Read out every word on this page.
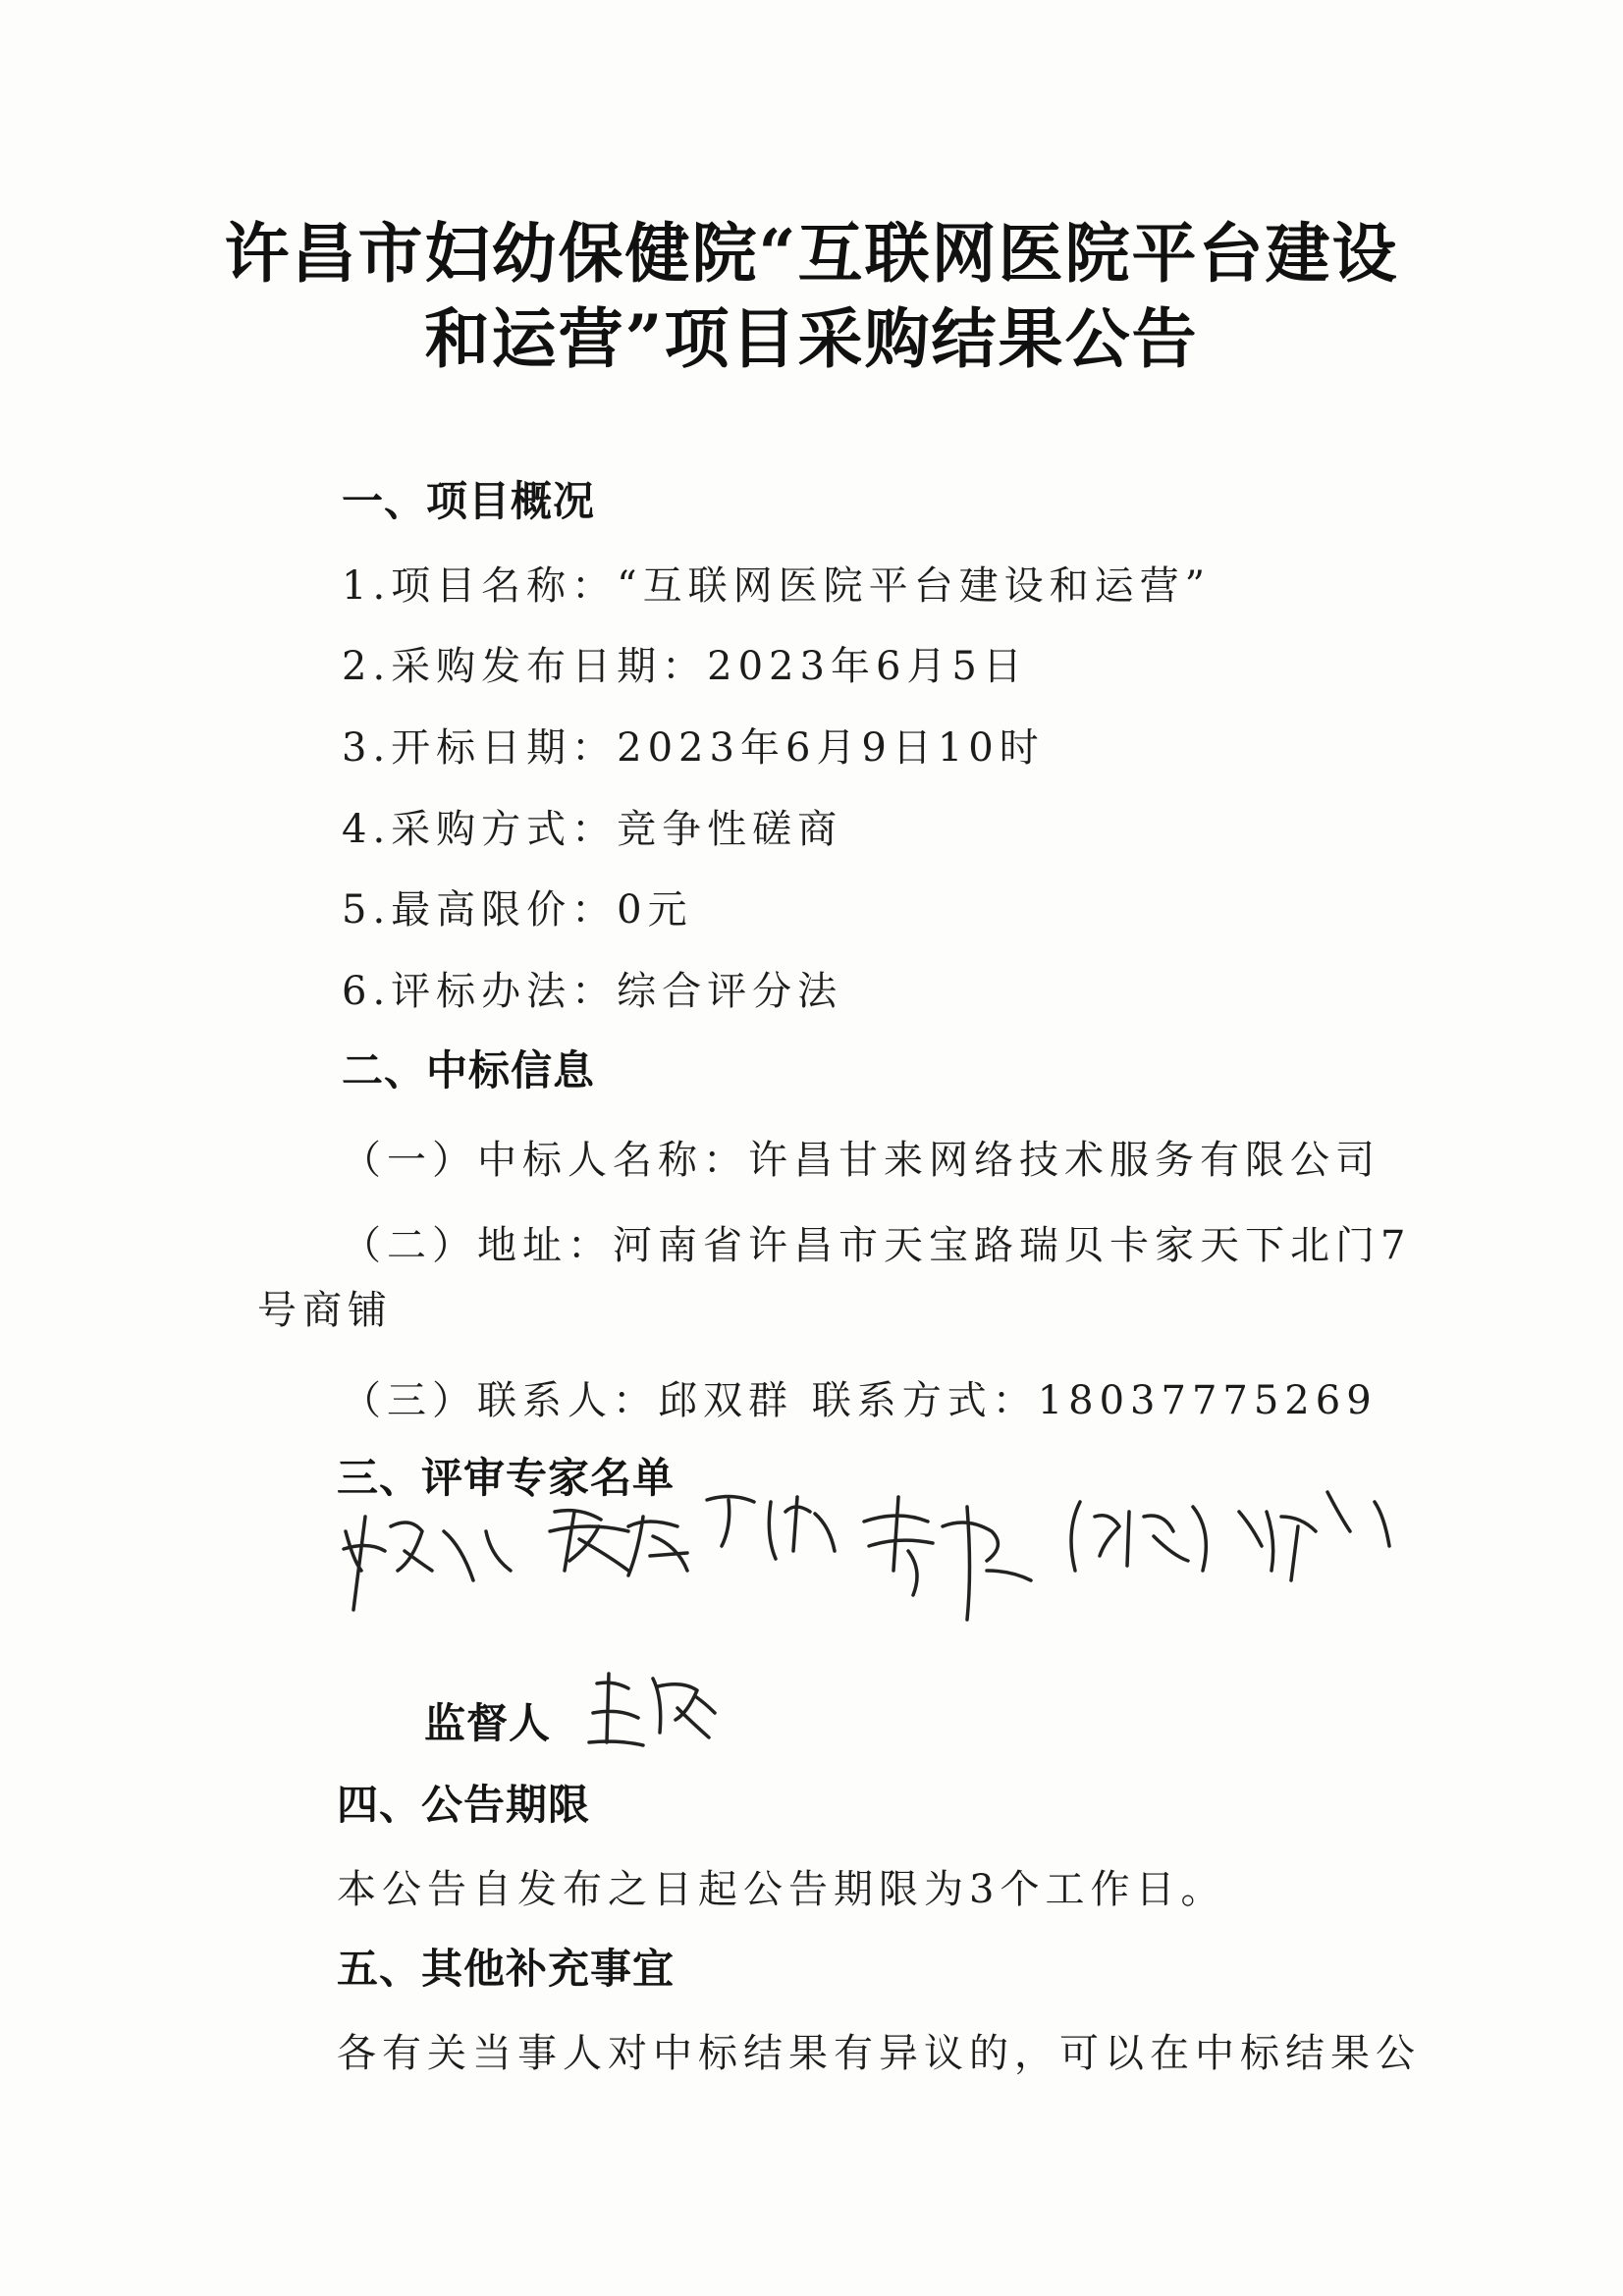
许昌市妇幼保健院“互联网医院平台建设
和运营”项目采购结果公告
一、项目概况
1.项目名称：“互联网医院平台建设和运营”
2.采购发布日期：2023年6月5日
3.开标日期：2023年6月9日10时
4.采购方式：竞争性磋商
5.最高限价：0元
6.评标办法：综合评分法
二、中标信息
（一）中标人名称：许昌甘来网络技术服务有限公司
（二）地址：河南省许昌市天宝路瑞贝卡家天下北门7
号商铺
（三）联系人：邱双群 联系方式：18037775269
三、评审专家名单
监督人
四、公告期限
本公告自发布之日起公告期限为3个工作日。
五、其他补充事宜
各有关当事人对中标结果有异议的，可以在中标结果公
